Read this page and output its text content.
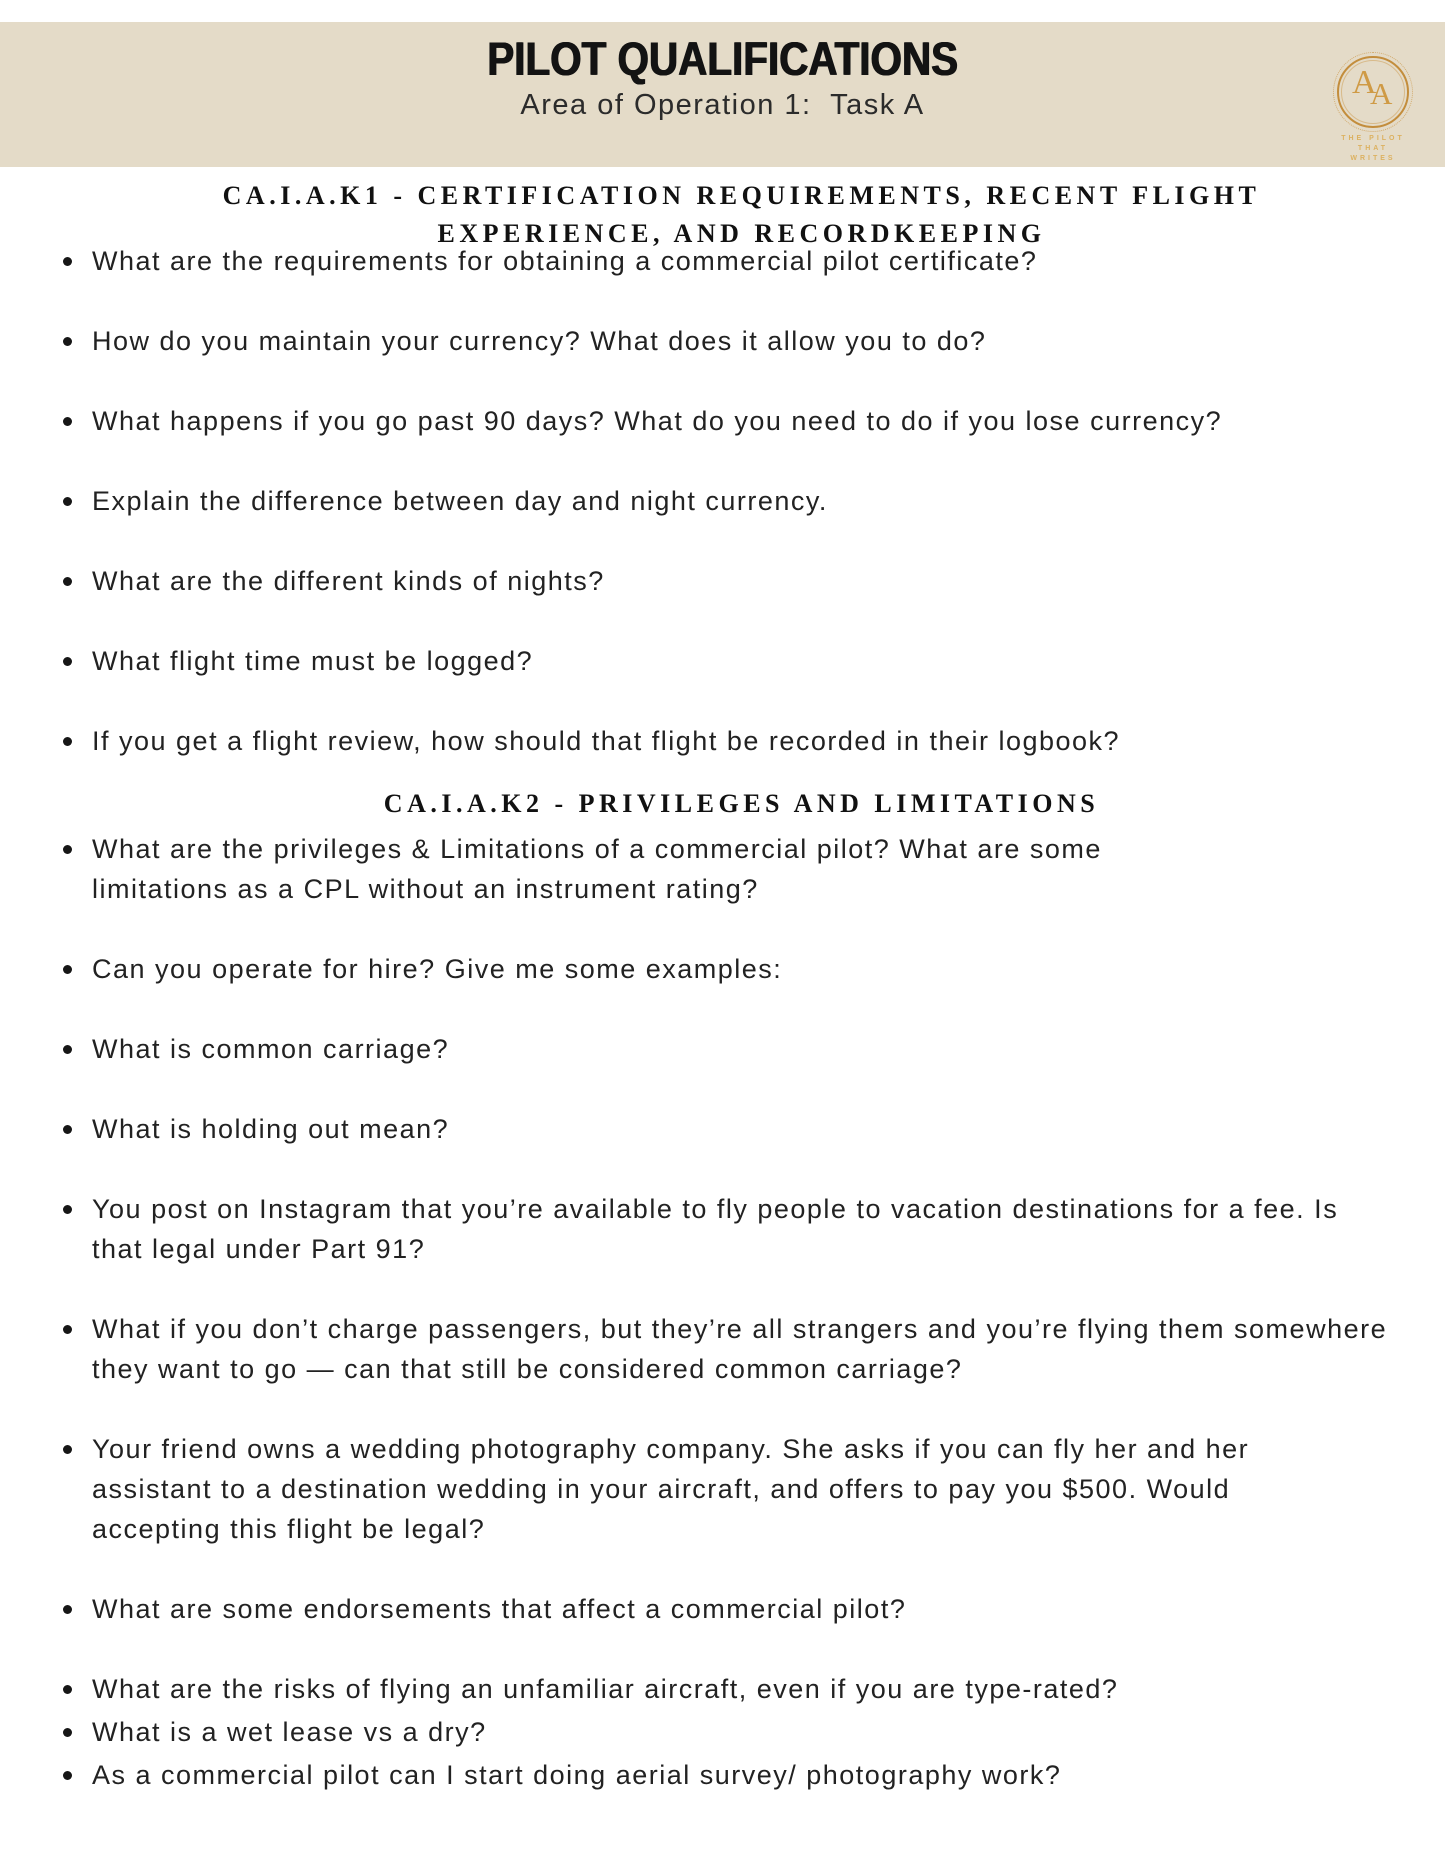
PILOT QUALIFICATIONS
Area of Operation 1:  Task A
A
A
THE PILOT THAT
WRITES
CA.I.A.K1 - CERTIFICATION REQUIREMENTS, RECENT FLIGHT EXPERIENCE, AND RECORDKEEPING
What are the requirements for obtaining a commercial pilot certificate?
How do you maintain your currency? What does it allow you to do?
What happens if you go past 90 days? What do you need to do if you lose currency?
Explain the difference between day and night currency.
What are the different kinds of nights?
What flight time must be logged?
If you get a flight review, how should that flight be recorded in their logbook?
CA.I.A.K2 - PRIVILEGES AND LIMITATIONS
What are the privileges & Limitations of a commercial pilot? What are some limitations as a CPL without an instrument rating?
Can you operate for hire? Give me some examples:
What is common carriage?
What is holding out mean?
You post on Instagram that you’re available to fly people to vacation destinations for a fee. Is that legal under Part 91?
What if you don’t charge passengers, but they’re all strangers and you’re flying them somewhere they want to go — can that still be considered common carriage?
Your friend owns a wedding photography company. She asks if you can fly her and her assistant to a destination wedding in your aircraft, and offers to pay you $500. Would accepting this flight be legal?
What are some endorsements that affect a commercial pilot?
What are the risks of flying an unfamiliar aircraft, even if you are type-rated?
What is a wet lease vs a dry?
As a commercial pilot can I start doing aerial survey/ photography work?
